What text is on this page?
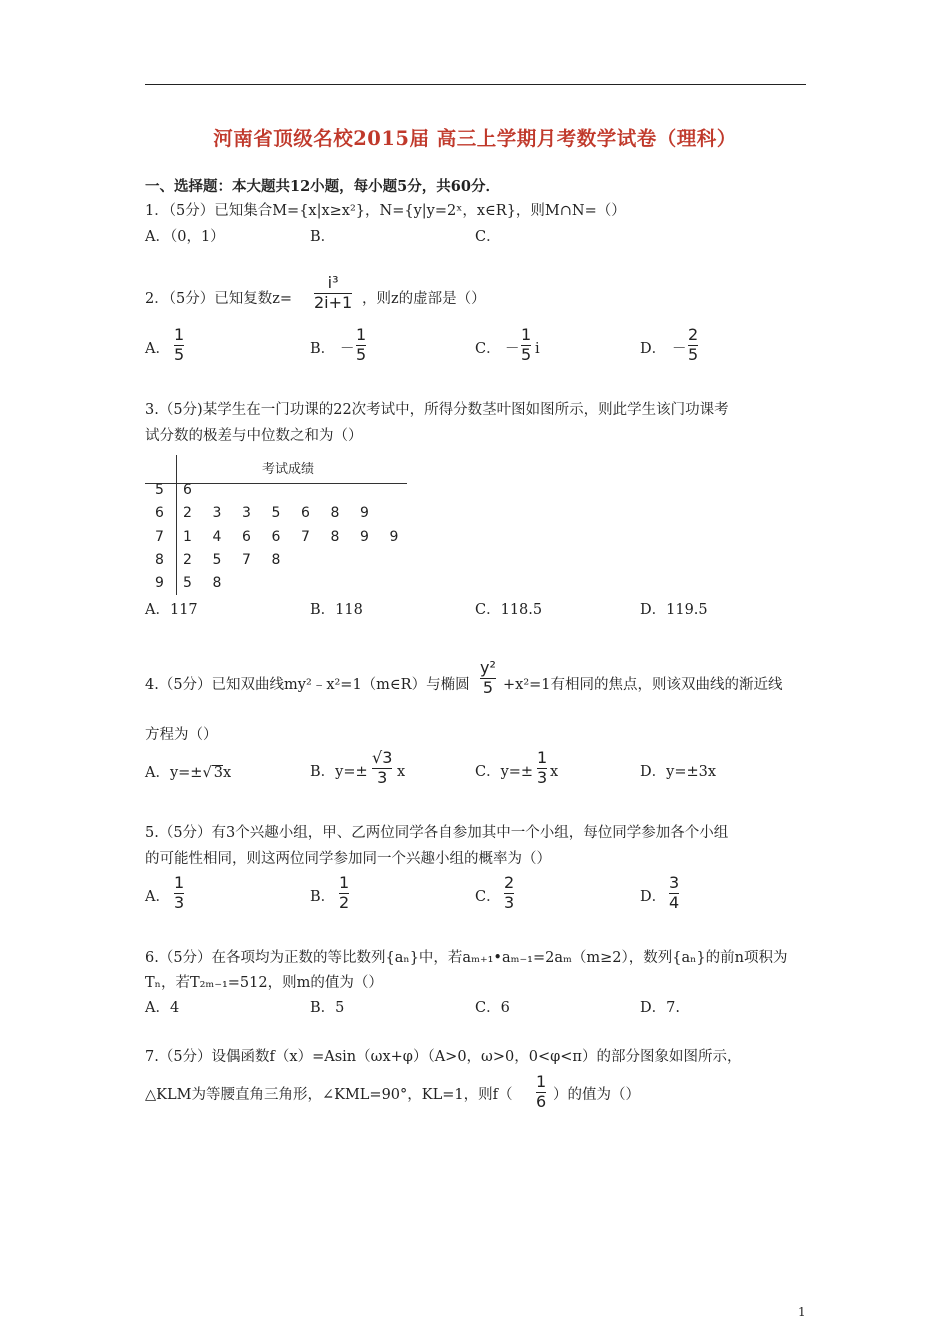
河南省顶级名校2015届 高三上学期月考数学试卷（理科）
一、选择题：本大题共12小题，每小题5分，共60分．
1．（5分）已知集合M={x|x≥x²}，N={y|y=2ˣ，x∈R}，则M∩N=（）
A．（0，1）	B．	C．
2．（5分）已知复数z=
i³
2i+1 ，则z的虚部是（）
A．
1
5	B． －
1
5	C． －
1
5 i	D． －
2
5
3.（5分)某学生在一门功课的22次考试中，所得分数茎叶图如图所示，则此学生该门功课考
试分数的极差与中位数之和为（）
考试成绩
5 6
6 2 3 3 5 6 8 9
7 1 4 6 6 7 8 9 9
8 2 5 7 8
9 5 8
A．117	B．118	C．118.5	D．119.5
4.（5分）已知双曲线my²﹣x²=1（m∈R）与椭圆
y²
5 +x²=1有相同的焦点，则该双曲线的渐近线
方程为（）
A．y=±√ 3x	B．y=±
√3
3 x	C．y=±
1
3 x	D．y=±3x
5.（5分）有3个兴趣小组，甲、乙两位同学各自参加其中一个小组，每位同学参加各个小组
的可能性相同，则这两位同学参加同一个兴趣小组的概率为（）
A．
1
3	B．
1
2	C．
2
3	D．
3
4
6.（5分）在各项均为正数的等比数列{aₙ}中，若aₘ₊₁•aₘ₋₁=2aₘ（m≥2），数列{aₙ}的前n项积为
Tₙ，若T₂ₘ₋₁=512，则m的值为（）
A．4	B．5	C．6	D．7.
7.（5分）设偶函数f（x）=Asin（ωx+φ）（A>0，ω>0，0<φ<π）的部分图象如图所示，
△KLM为等腰直角三角形，∠KML=90°，KL=1，则f（
1
6 ）的值为（）
1
